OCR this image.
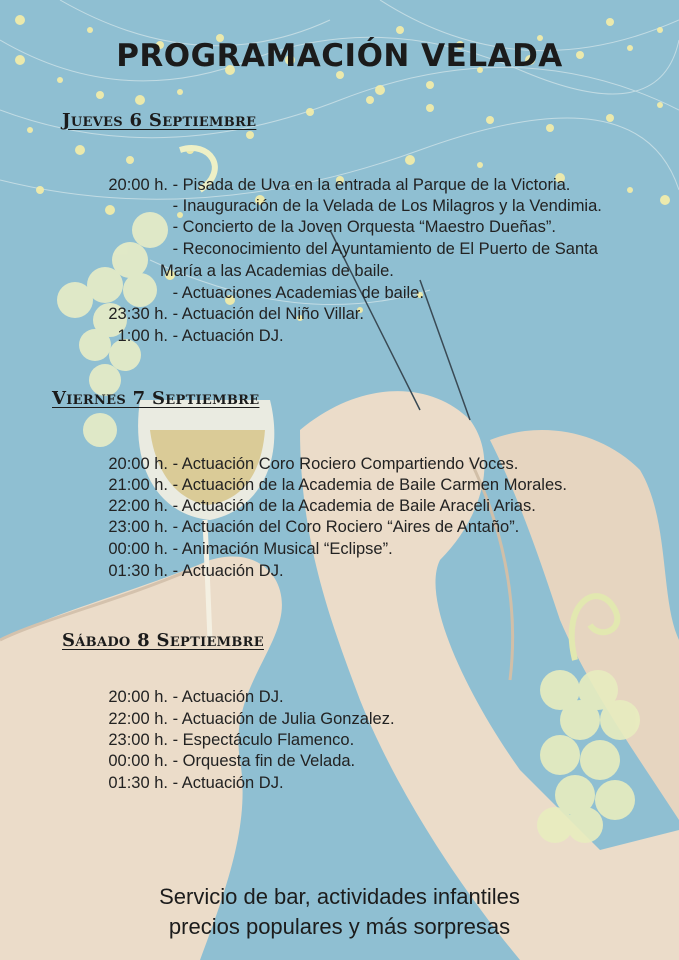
PROGRAMACIÓN VELADA
Jueves 6 Septiembre
20:00 h. - Pisada de Uva en la entrada al Parque de la Victoria.
- Inauguración de la Velada de Los Milagros y la Vendimia.
- Concierto de la Joven Orquesta “Maestro Dueñas”.
- Reconocimiento del Ayuntamiento de El Puerto de Santa
María a las Academias de baile.
- Actuaciones Academias de baile.
23:30 h. - Actuación del Niño Villar.
1:00 h. - Actuación DJ.
Viernes 7 Septiembre
20:00 h. - Actuación Coro Rociero Compartiendo Voces.
21:00 h. - Actuación de la Academia de Baile Carmen Morales.
22:00 h. - Actuación de la Academia de Baile Araceli Arias.
23:00 h. - Actuación del Coro Rociero “Aires de Antaño”.
00:00 h. - Animación Musical “Eclipse”.
01:30 h. - Actuación DJ.
Sábado 8 Septiembre
20:00 h. - Actuación DJ.
22:00 h. - Actuación de Julia Gonzalez.
23:00 h. - Espectáculo Flamenco.
00:00 h. - Orquesta fin de Velada.
01:30 h. - Actuación DJ.
Servicio de bar, actividades infantiles
precios populares y más sorpresas
